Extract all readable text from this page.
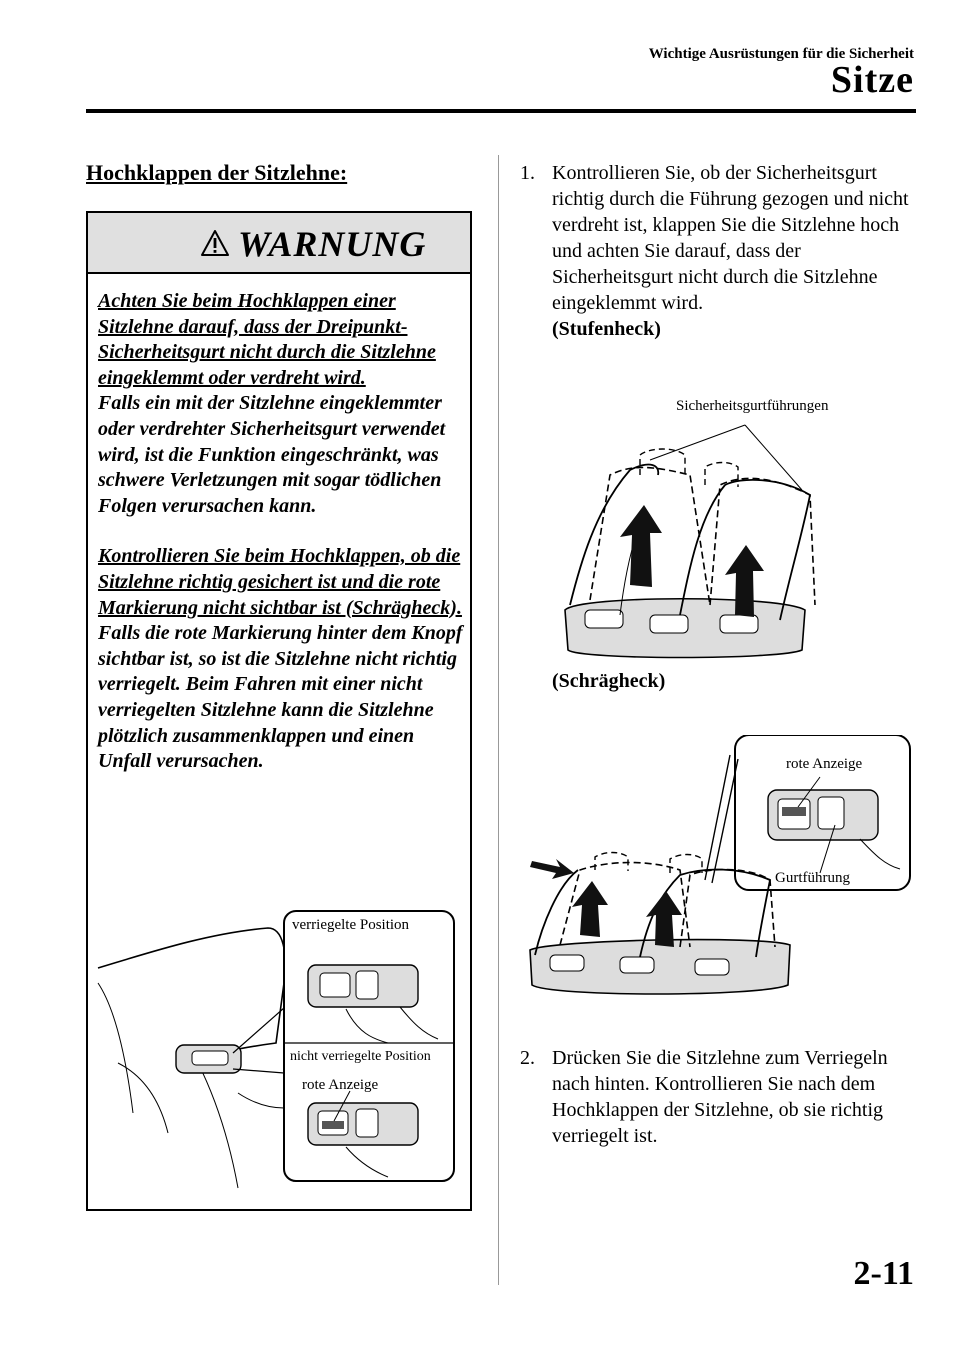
Wichtige Ausrüstungen für die Sicherheit
Sitze
Hochklappen der Sitzlehne:
WARNUNG

Achten Sie beim Hochklappen einer Sitzlehne darauf, dass der Dreipunkt-Sicherheitsgurt nicht durch die Sitzlehne eingeklemmt oder verdreht wird.
Falls ein mit der Sitzlehne eingeklemmter oder verdrehter Sicherheitsgurt verwendet wird, ist die Funktion eingeschränkt, was schwere Verletzungen mit sogar tödlichen Folgen verursachen kann.

Kontrollieren Sie beim Hochklappen, ob die Sitzlehne richtig gesichert ist und die rote Markierung nicht sichtbar ist (Schrägheck).
Falls die rote Markierung hinter dem Knopf sichtbar ist, so ist die Sitzlehne nicht richtig verriegelt. Beim Fahren mit einer nicht verriegelten Sitzlehne kann die Sitzlehne plötzlich zusammenklappen und einen Unfall verursachen.

verriegelte Position
nicht verriegelte Position
rote Anzeige
1. Kontrollieren Sie, ob der Sicherheitsgurt richtig durch die Führung gezogen und nicht verdreht ist, klappen Sie die Sitzlehne hoch und achten Sie darauf, dass der Sicherheitsgurt nicht durch die Sitzlehne eingeklemmt wird.
(Stufenheck)
Sicherheitsgurtführungen
(Schrägheck)
rote Anzeige
Gurtführung
2. Drücken Sie die Sitzlehne zum Verriegeln nach hinten. Kontrollieren Sie nach dem Hochklappen der Sitzlehne, ob sie richtig verriegelt ist.
2-11
